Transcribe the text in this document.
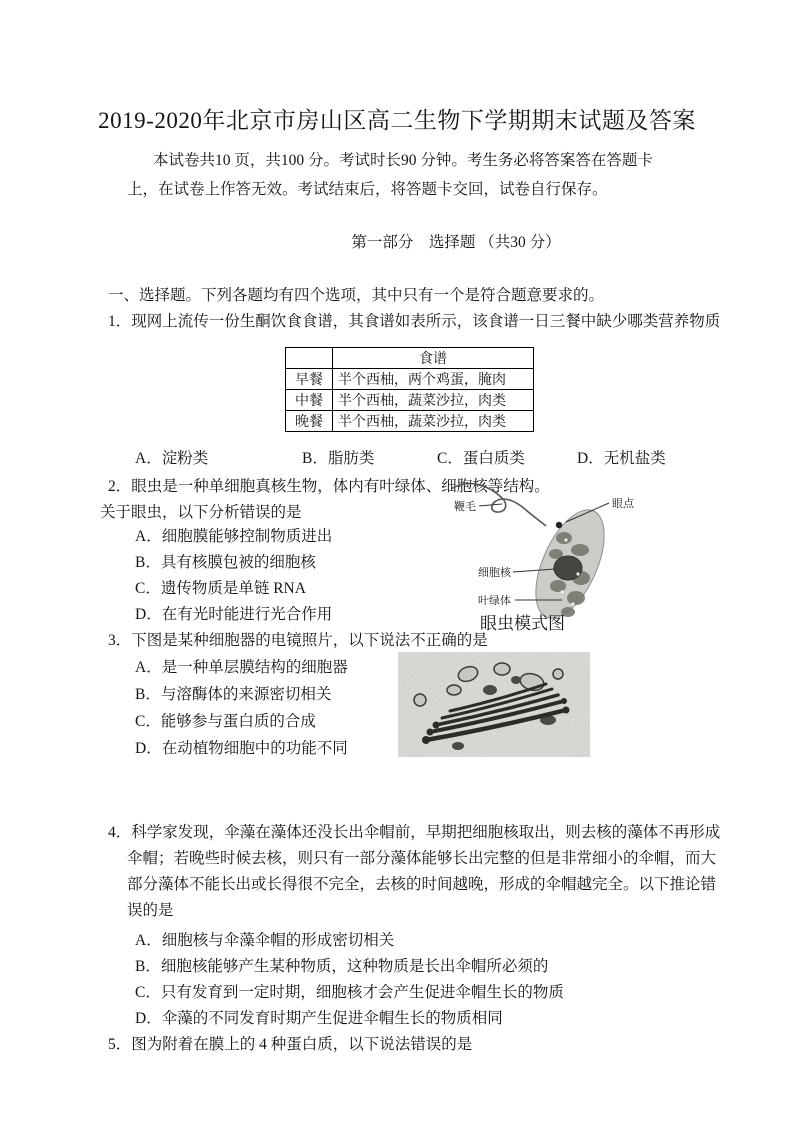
2019-2020年北京市房山区高二生物下学期期末试题及答案
本试卷共10 页，共100 分。考试时长90 分钟。考生务必将答案答在答题卡上，在试卷上作答无效。考试结束后，将答题卡交回，试卷自行保存。
第一部分　选择题 （共30 分）
一、选择题。下列各题均有四个选项，其中只有一个是符合题意要求的。
1．现网上流传一份生酮饮食食谱，其食谱如表所示，该食谱一日三餐中缺少哪类营养物质
	食谱
早餐	半个西柚，两个鸡蛋，腌肉
中餐	半个西柚，蔬菜沙拉，肉类
晚餐	半个西柚，蔬菜沙拉，肉类
A．淀粉类	B．脂肪类	C．蛋白质类	D．无机盐类
2．眼虫是一种单细胞真核生物，体内有叶绿体、细胞核等结构。
关于眼虫，以下分析错误的是
A．细胞膜能够控制物质进出
B．具有核膜包被的细胞核
C．遗传物质是单链 RNA
D．在有光时能进行光合作用
鞭毛	眼点
细胞核
叶绿体
眼虫模式图
3．下图是某种细胞器的电镜照片，以下说法不正确的是
A．是一种单层膜结构的细胞器
B．与溶酶体的来源密切相关
C．能够参与蛋白质的合成
D．在动植物细胞中的功能不同
4．科学家发现，伞藻在藻体还没长出伞帽前，早期把细胞核取出，则去核的藻体不再形成伞帽；若晚些时候去核，则只有一部分藻体能够长出完整的但是非常细小的伞帽，而大部分藻体不能长出或长得很不完全，去核的时间越晚，形成的伞帽越完全。以下推论错误的是
A．细胞核与伞藻伞帽的形成密切相关
B．细胞核能够产生某种物质，这种物质是长出伞帽所必须的
C．只有发育到一定时期，细胞核才会产生促进伞帽生长的物质
D．伞藻的不同发育时期产生促进伞帽生长的物质相同
5．图为附着在膜上的 4 种蛋白质，以下说法错误的是
